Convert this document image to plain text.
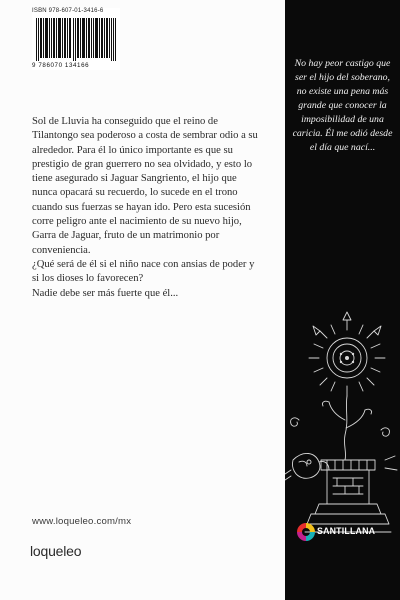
ISBN 978-607-01-3416-6
9 786070 134166

Sol de Lluvia ha conseguido que el reino de Tilantongo sea poderoso a costa de sembrar odio a su alrededor. Para él lo único importante es que su prestigio de gran guerrero no sea olvidado, y esto lo tiene asegurado si Jaguar Sangriento, el hijo que nunca opacará su recuerdo, lo sucede en el trono cuando sus fuerzas se hayan ido. Pero esta sucesión corre peligro ante el nacimiento de su nuevo hijo, Garra de Jaguar, fruto de un matrimonio por conveniencia.

¿Qué será de él si el niño nace con ansias de poder y si los dioses lo favorecen?

Nadie debe ser más fuerte que él...

www.loqueleo.com/mx
loqueleo
No hay peor castigo que ser el hijo del soberano, no existe una pena más grande que conocer la imposibilidad de una caricia. Él me odió desde el día que nací...
SANTILLANA
